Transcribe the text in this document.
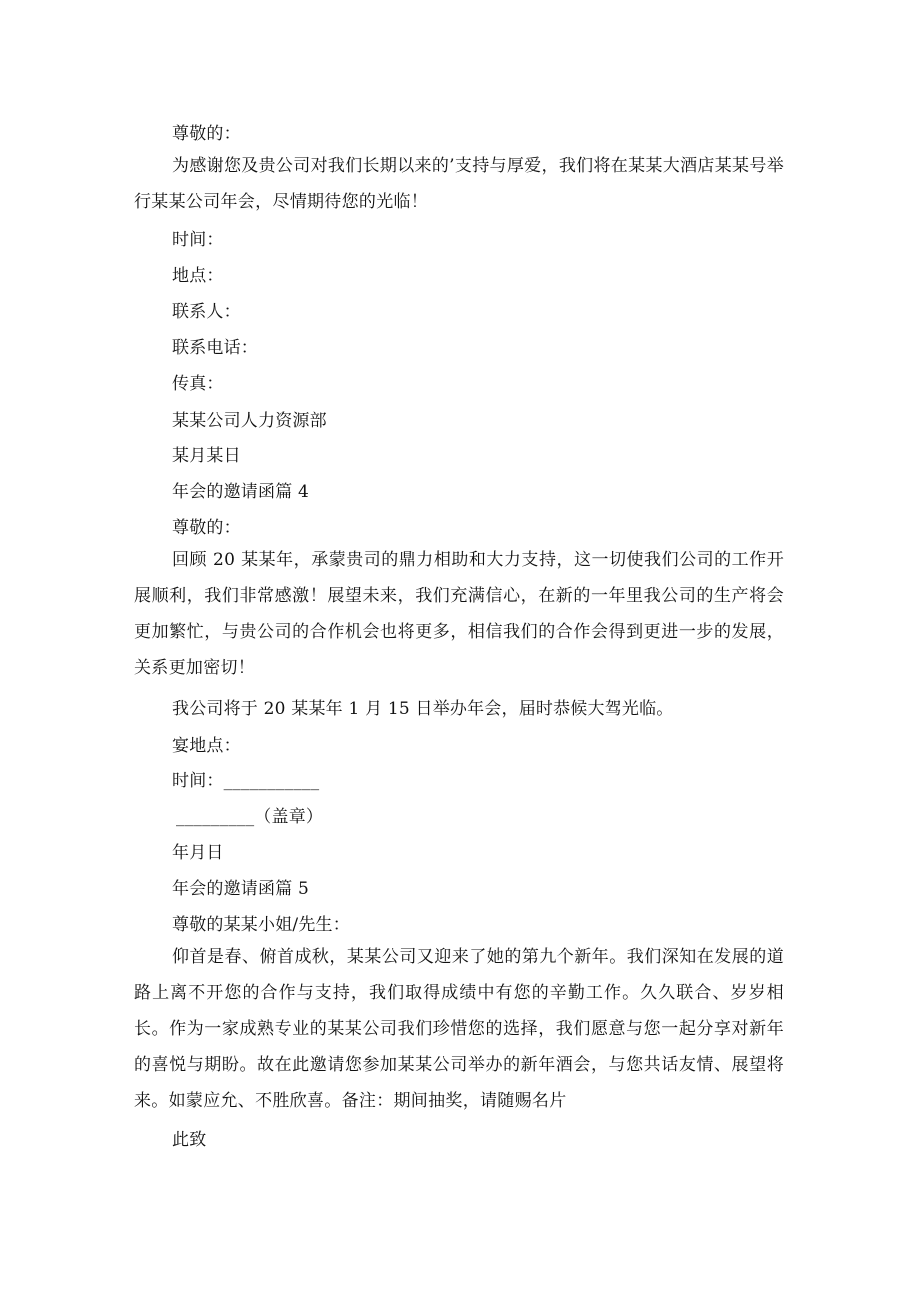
尊敬的：
为感谢您及贵公司对我们长期以来的’支持与厚爱，我们将在某某大酒店某某号举行某某公司年会，尽情期待您的光临！
时间：
地点：
联系人：
联系电话：
传真：
某某公司人力资源部
某月某日
年会的邀请函篇 4
尊敬的：
回顾 20 某某年，承蒙贵司的鼎力相助和大力支持，这一切使我们公司的工作开展顺利，我们非常感激！展望未来，我们充满信心，在新的一年里我公司的生产将会更加繁忙，与贵公司的合作机会也将更多，相信我们的合作会得到更进一步的发展，关系更加密切！
我公司将于 20 某某年 1 月 15 日举办年会，届时恭候大驾光临。
宴地点：
时间：___________
_________（盖章）
年月日
年会的邀请函篇 5
尊敬的某某小姐/先生：
仰首是春、俯首成秋，某某公司又迎来了她的第九个新年。我们深知在发展的道路上离不开您的合作与支持，我们取得成绩中有您的辛勤工作。久久联合、岁岁相长。作为一家成熟专业的某某公司我们珍惜您的选择，我们愿意与您一起分享对新年的喜悦与期盼。故在此邀请您参加某某公司举办的新年酒会，与您共话友情、展望将来。如蒙应允、不胜欣喜。备注：期间抽奖，请随赐名片
此致
